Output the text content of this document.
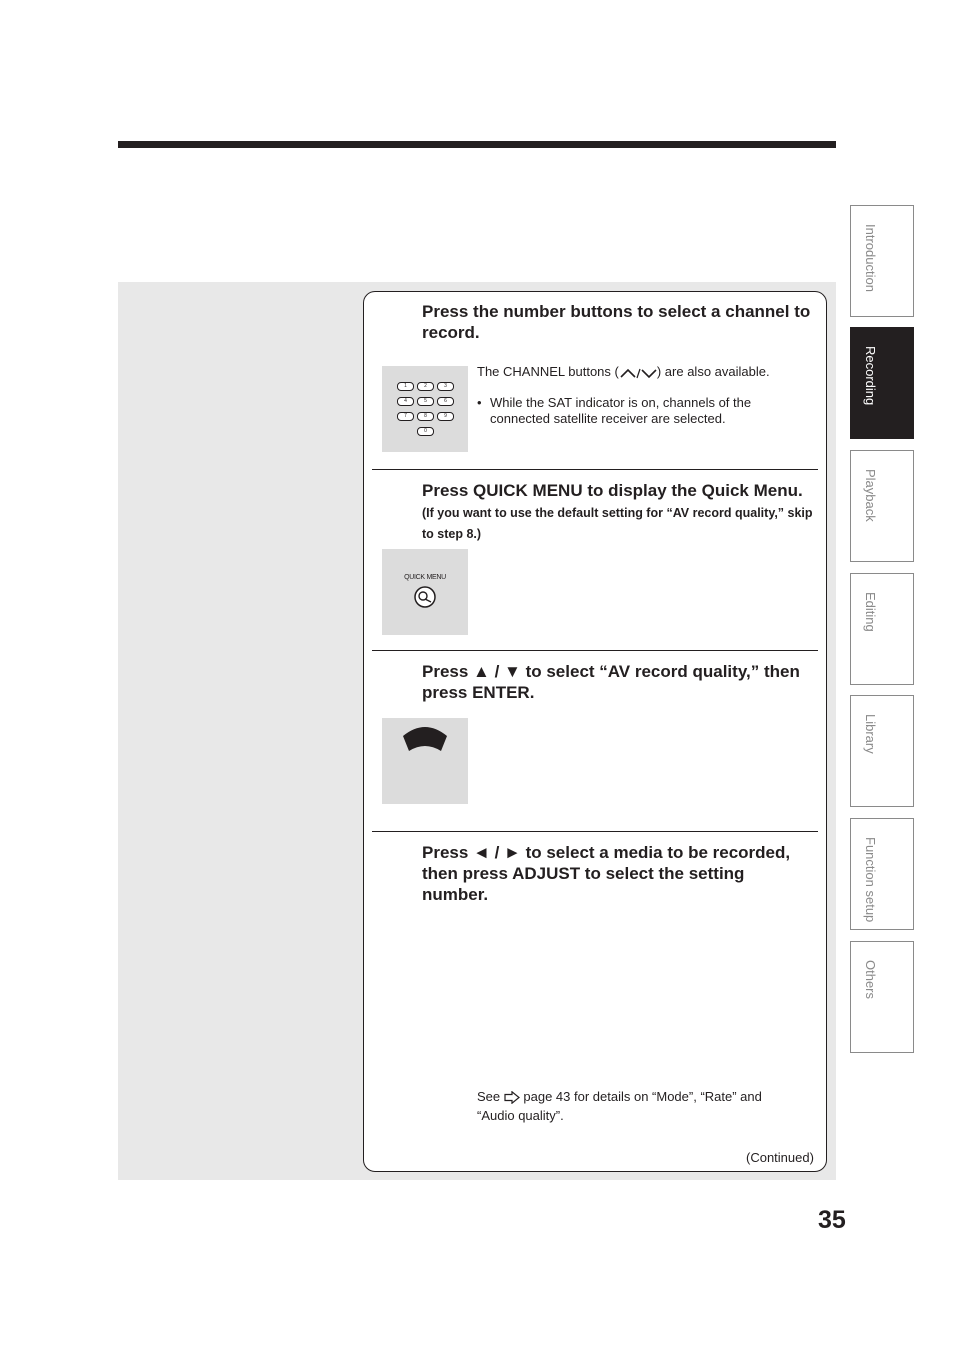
Press the number buttons to select a channel to record.

1	2	3
4	5	6
7	8	9
0

The CHANNEL buttons (	) are also available.

• While the SAT indicator is on, channels of the connected satellite receiver are selected.

Press QUICK MENU to display the Quick Menu. (If you want to use the default setting for “AV record quality,” skip to step 8.)

QUICK MENU

Press ▲ / ▼ to select “AV record quality,” then press ENTER.

Press ◄ / ► to select a media to be recorded, then press ADJUST to select the setting number.

See page 43 for details on “Mode”, “Rate” and “Audio quality”.

(Continued)
Introduction
Recording
Playback
Editing
Library
Function setup
Others
35
